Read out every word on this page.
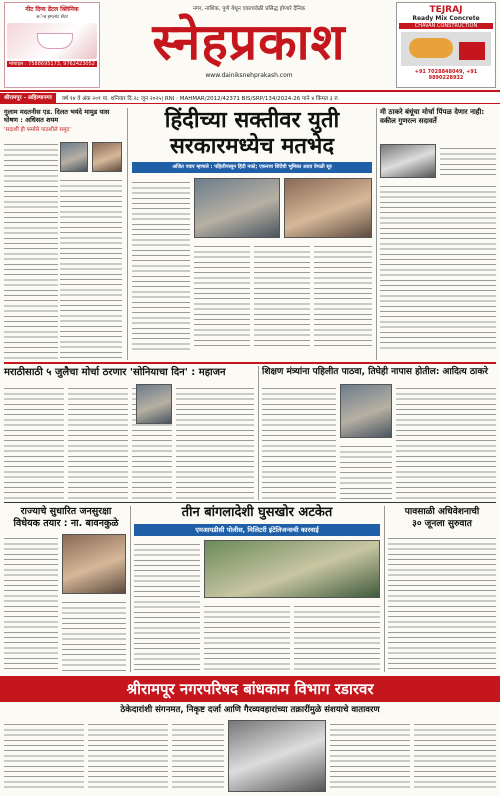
नीट दिव्य डेंटल क्लिनिक
अॅन्ड इम्प्लांट सेंटर
मोबाइल : 7588695173, 9762423052
नगर, नाशिक, पुणे येथून एकाचवेळी प्रसिद्ध होणारे दैनिक
स्नेहप्रकाश
www.dainiksnehprakash.com
TEJRAJ
Ready Mix Concrete
CHAVAN CONSTRUCTION
+91 7028848049, +91 9890228932
श्रीरामपूर - अहिल्यानगर	वर्ष १४ वे अंक २०१ पा. शनिवार दि.२८ जून २०२५| RNI : MAHMAR/2012/42371 BIS/SRP/134/2024-26 पाने ४ किंमत ३ रु.
गुलाम मदतनीस एड. दिलत भयंदे मामुड यास घोषण : अधिसत शयम
'सदाशी ही फर्मासे पाठशीले समूद'	हिंदीच्या सक्तीवर युती
सरकारमध्येच मतभेद
अजित पवार म्हणाले : पहिलीपासून हिंदी नको; एकनाथ शिंदेंची भूमिका आता वेगळी सूर
मी ठाकरे बंधूंचा मोर्चा पिंपळ देणार नाही: वकील गुणरत्न सदावर्ते
मराठीसाठी ५ जुलैचा मोर्चा ठरणार 'सोनियाचा दिन' : महाजन	शिक्षण मंत्र्यांना पहिलीत पाठवा, तिघेही नापास होतील: आदित्य ठाकरे
राज्याचे सुधारित जनसुरक्षा
विधेयक तयार : ना. बावनकुळे
तीन बांगलादेशी घुसखोर अटकेत
एमआयडीसी पोलीस, मिलिटरी इंटेलिजन्सची कारवाई
पावसाळी अधिवेशनाची
३० जूनला सुरुवात
श्रीरामपूर नगरपरिषद बांधकाम विभाग रडारवर
ठेकेदारांशी संगनमत, निकृष्ट दर्जा आणि गैरव्यवहारांच्या तक्रारींमुळे संशयाचे वातावरण
